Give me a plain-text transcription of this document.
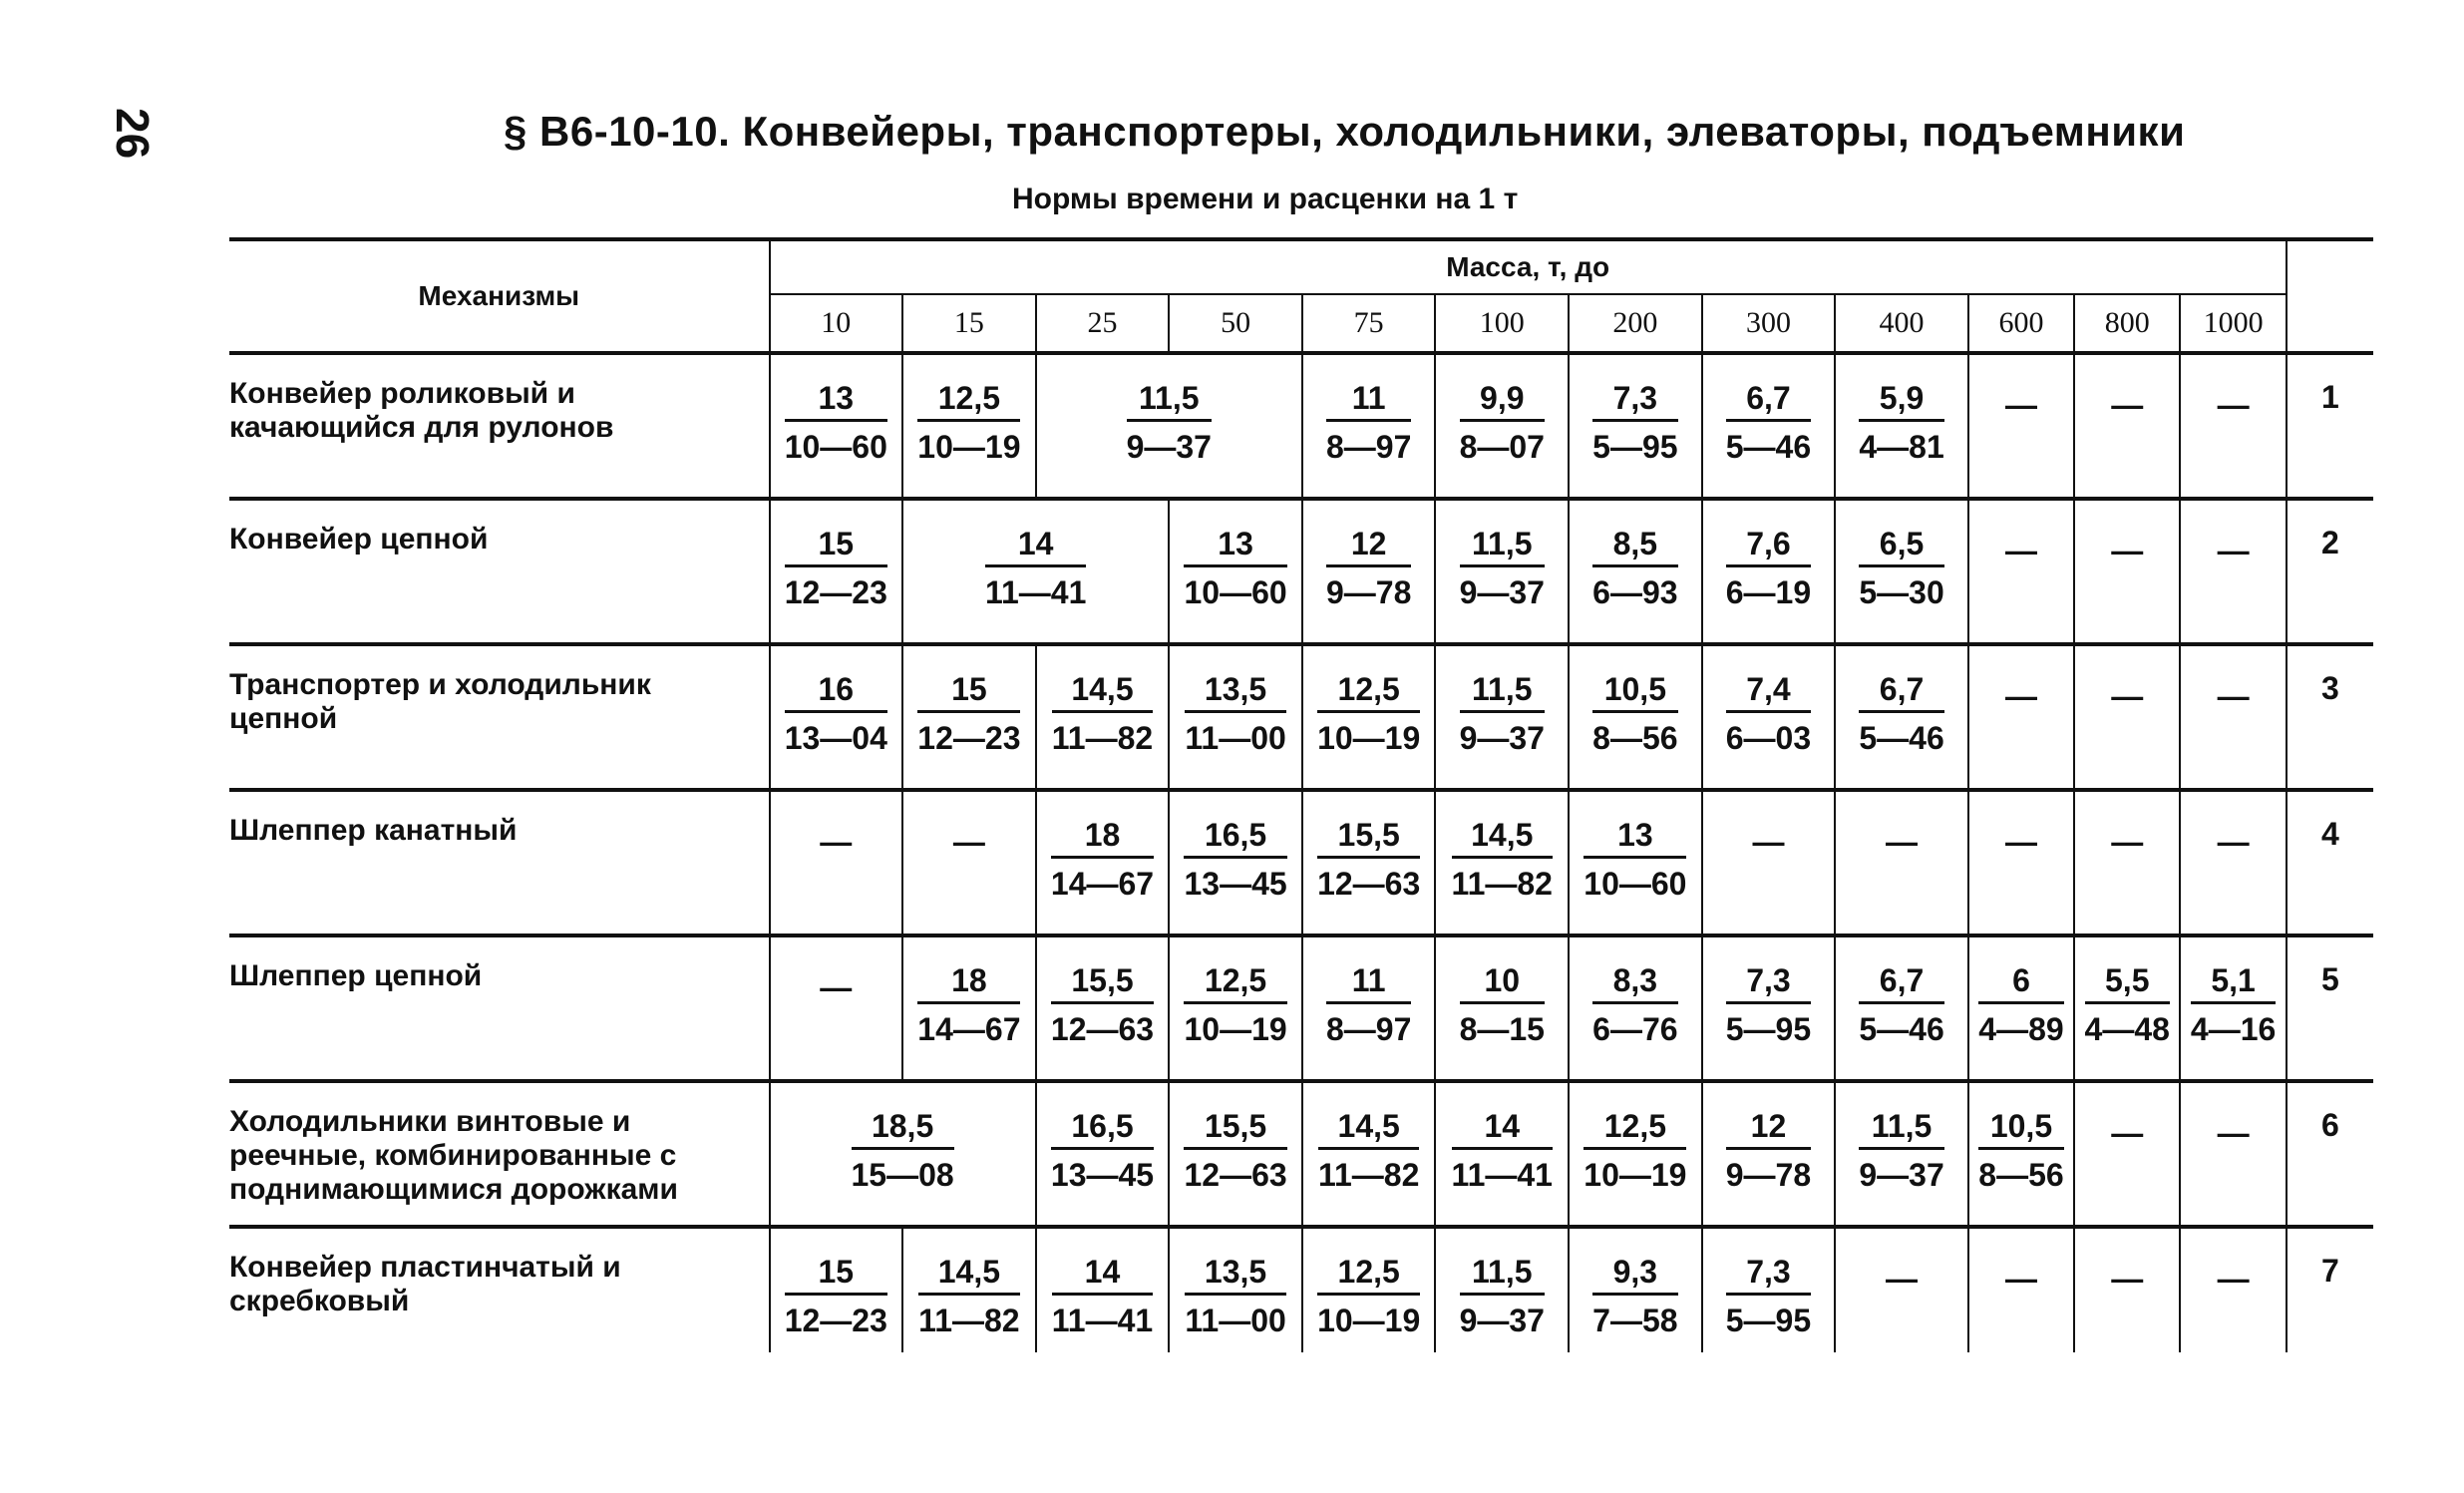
26	§ В6-10-10. Конвейеры, транспортеры, холодильники, элеваторы, подъемники
Нормы времени и расценки на 1 т
Механизмы	Масса, т, до												
	10	15	25	50	75	100	200	300	400	600	800	1000	
Конвейер роликовый и качающийся для рулонов	$\frac{13}{10—60}$	$\frac{12,5}{10—19}$	$\frac{11,5}{9—37}$		$\frac{11}{8—97}$	$\frac{9,9}{8—07}$	$\frac{7,3}{5—95}$	$\frac{6,7}{5—46}$	$\frac{5,9}{4—81}$	—	—	—	1
Конвейер цепной	$\frac{15}{12—23}$	$\frac{14}{11—41}$		$\frac{13}{10—60}$	$\frac{12}{9—78}$	$\frac{11,5}{9—37}$	$\frac{8,5}{6—93}$	$\frac{7,6}{6—19}$	$\frac{6,5}{5—30}$	—	—	—	2
Транспортер и холодильник цепной	$\frac{16}{13—04}$	$\frac{15}{12—23}$	$\frac{14,5}{11—82}$	$\frac{13,5}{11—00}$	$\frac{12,5}{10—19}$	$\frac{11,5}{9—37}$	$\frac{10,5}{8—56}$	$\frac{7,4}{6—03}$	$\frac{6,7}{5—46}$	—	—	—	3
Шлеппер канатный	—	—	$\frac{18}{14—67}$	$\frac{16,5}{13—45}$	$\frac{15,5}{12—63}$	$\frac{14,5}{11—82}$	$\frac{13}{10—60}$	—	—	—	—	—	4
Шлеппер цепной	—	$\frac{18}{14—67}$	$\frac{15,5}{12—63}$	$\frac{12,5}{10—19}$	$\frac{11}{8—97}$	$\frac{10}{8—15}$	$\frac{8,3}{6—76}$	$\frac{7,3}{5—95}$	$\frac{6,7}{5—46}$	$\frac{6}{4—89}$	$\frac{5,5}{4—48}$	$\frac{5,1}{4—16}$	5
Холодильники винтовые и реечные, комбинированные с поднимающимися дорожками	$\frac{18,5}{15—08}$		$\frac{16,5}{13—45}$	$\frac{15,5}{12—63}$	$\frac{14,5}{11—82}$	$\frac{14}{11—41}$	$\frac{12,5}{10—19}$	$\frac{12}{9—78}$	$\frac{11,5}{9—37}$	$\frac{10,5}{8—56}$	—	—	6
Конвейер пластинчатый и скребковый	$\frac{15}{12—23}$	$\frac{14,5}{11—82}$	$\frac{14}{11—41}$	$\frac{13,5}{11—00}$	$\frac{12,5}{10—19}$	$\frac{11,5}{9—37}$	$\frac{9,3}{7—58}$	$\frac{7,3}{5—95}$	—	—	—	—	7
